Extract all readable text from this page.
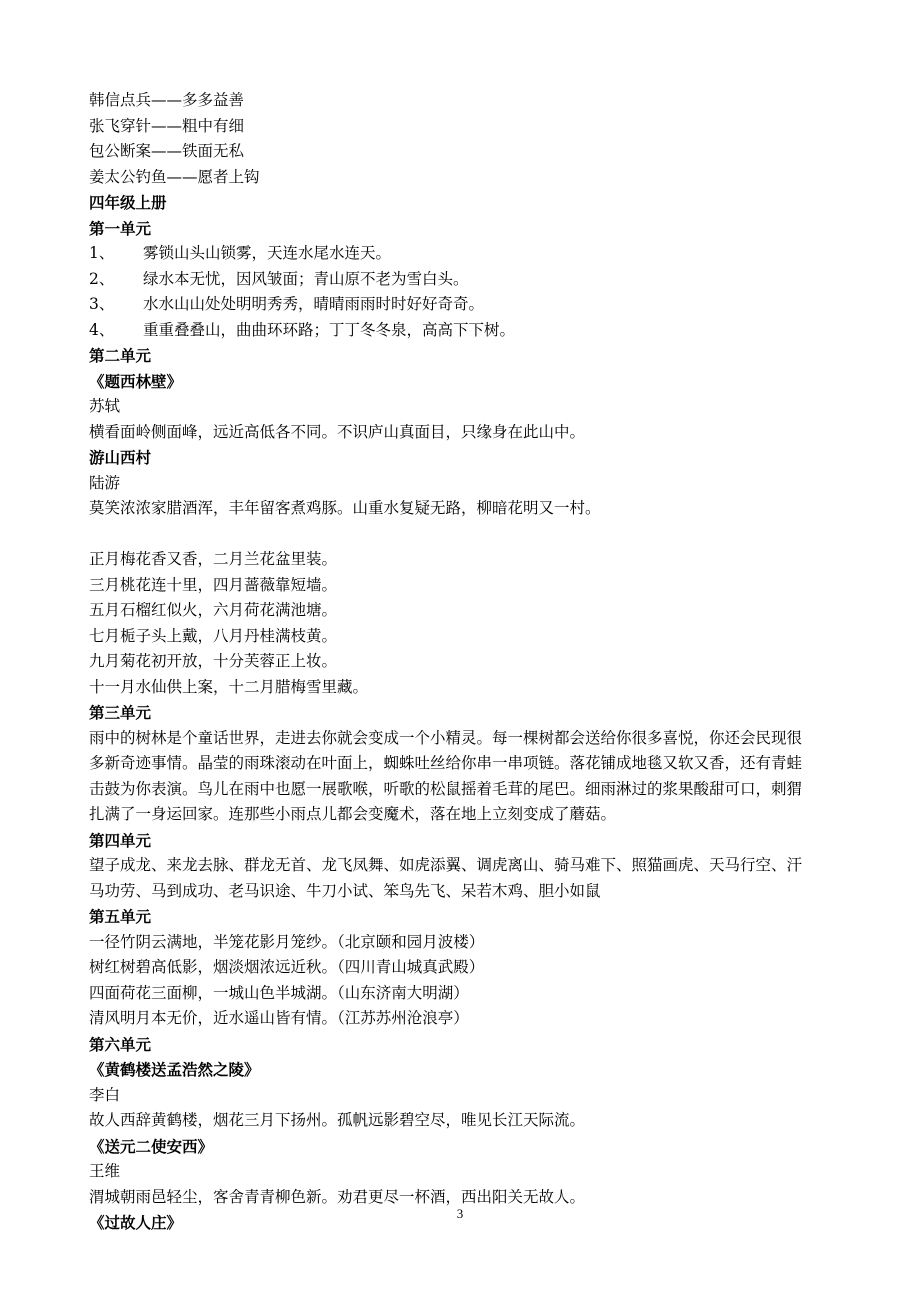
韩信点兵——多多益善
张飞穿针——粗中有细
包公断案——铁面无私
姜太公钓鱼——愿者上钩
四年级上册
第一单元
1、 雾锁山头山锁雾，天连水尾水连天。
2、 绿水本无忧，因风皱面；青山原不老为雪白头。
3、 水水山山处处明明秀秀，晴晴雨雨时时好好奇奇。
4、 重重叠叠山，曲曲环环路；丁丁冬冬泉，高高下下树。
第二单元
《题西林壁》
苏轼
横看面岭侧面峰，远近高低各不同。不识庐山真面目，只缘身在此山中。
游山西村
陆游
莫笑浓浓家腊酒浑，丰年留客煮鸡豚。山重水复疑无路，柳暗花明又一村。
正月梅花香又香，二月兰花盆里装。
三月桃花连十里，四月蔷薇靠短墙。
五月石榴红似火，六月荷花满池塘。
七月栀子头上戴，八月丹桂满枝黄。
九月菊花初开放，十分芙蓉正上妆。
十一月水仙供上案，十二月腊梅雪里藏。
第三单元
雨中的树林是个童话世界，走进去你就会变成一个小精灵。每一棵树都会送给你很多喜悦，你还会民现很
多新奇迹事情。晶莹的雨珠滚动在叶面上，蜘蛛吐丝给你串一串项链。落花铺成地毯又软又香，还有青蛙
击鼓为你表演。鸟儿在雨中也愿一展歌喉，听歌的松鼠摇着毛茸的尾巴。细雨淋过的浆果酸甜可口，刺猬
扎满了一身运回家。连那些小雨点儿都会变魔术，落在地上立刻变成了蘑菇。
第四单元
望子成龙、来龙去脉、群龙无首、龙飞凤舞、如虎添翼、调虎离山、骑马难下、照猫画虎、天马行空、汗
马功劳、马到成功、老马识途、牛刀小试、笨鸟先飞、呆若木鸡、胆小如鼠
第五单元
一径竹阴云满地，半笼花影月笼纱。（北京颐和园月波楼）
树红树碧高低影，烟淡烟浓远近秋。（四川青山城真武殿）
四面荷花三面柳，一城山色半城湖。（山东济南大明湖）
清风明月本无价，近水遥山皆有情。（江苏苏州沧浪亭）
第六单元
《黄鹤楼送孟浩然之陵》
李白
故人西辞黄鹤楼，烟花三月下扬州。孤帆远影碧空尽，唯见长江天际流。
《送元二使安西》
王维
渭城朝雨邑轻尘，客舍青青柳色新。劝君更尽一杯酒，西出阳关无故人。
《过故人庄》	3
